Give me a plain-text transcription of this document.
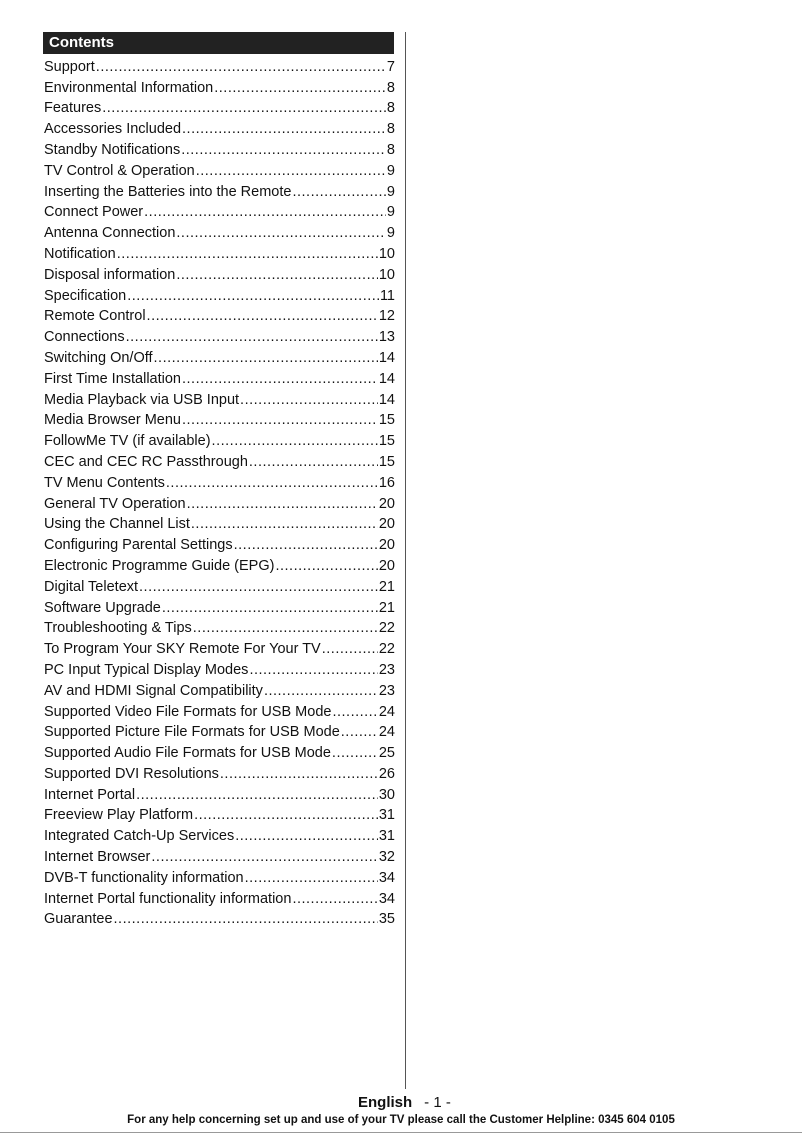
Contents
Support .....	7
Environmental Information .....	8
Features .....	8
Accessories Included .....	8
Standby Notifications .....	8
TV Control & Operation .....	9
Inserting the Batteries into the Remote .....	9
Connect Power .....	9
Antenna Connection .....	9
Notification .....	10
Disposal information .....	10
Specification .....	11
Remote Control .....	12
Connections .....	13
Switching On/Off .....	14
First Time Installation .....	14
Media Playback via USB Input .....	14
Media Browser Menu .....	15
FollowMe TV (if available) .....	15
CEC and CEC RC Passthrough .....	15
TV Menu Contents .....	16
General TV Operation .....	20
Using the Channel List .....	20
Configuring Parental Settings .....	20
Electronic Programme Guide (EPG) .....	20
Digital Teletext .....	21
Software Upgrade .....	21
Troubleshooting & Tips .....	22
To Program Your SKY Remote For Your TV .....	22
PC Input Typical Display Modes .....	23
AV and HDMI Signal Compatibility .....	23
Supported Video File Formats for USB Mode .....	24
Supported Picture File Formats for USB Mode .....	24
Supported Audio File Formats for USB Mode .....	25
Supported DVI Resolutions .....	26
Internet Portal .....	30
Freeview Play Platform .....	31
Integrated Catch-Up Services .....	31
Internet Browser .....	32
DVB-T functionality information .....	34
Internet Portal functionality information .....	34
Guarantee .....	35
English - 1 -
For any help concerning set up and use of your TV please call the Customer Helpline: 0345 604 0105
